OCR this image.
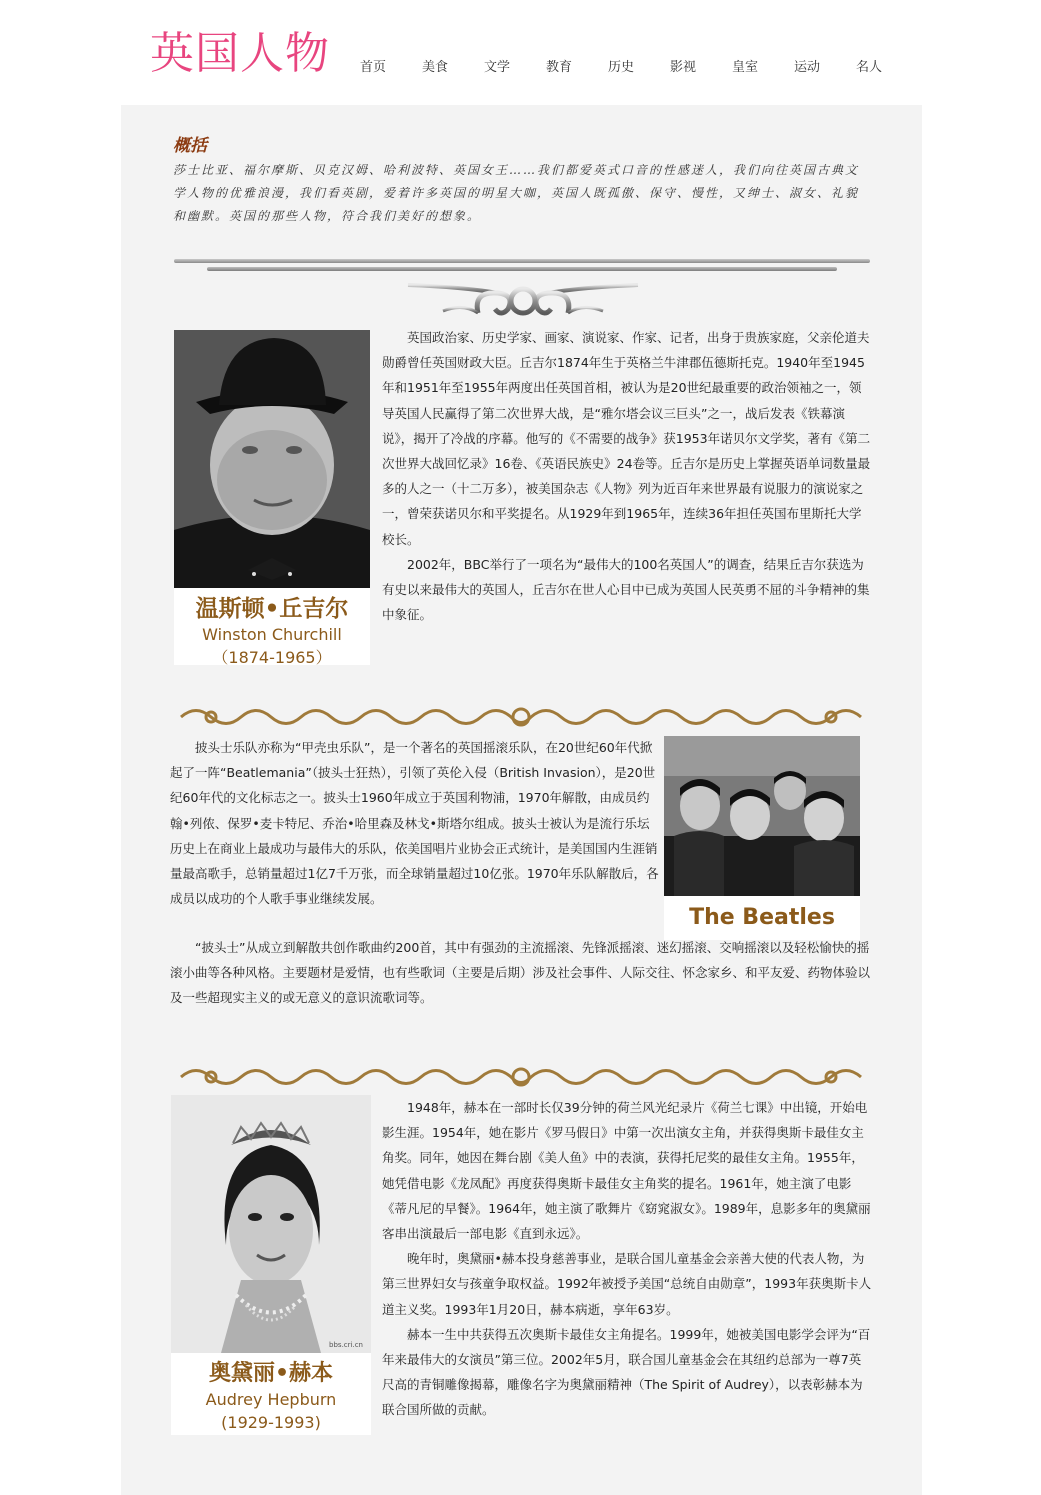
英国人物 首页	美食	文学	教育	历史	影视	皇室	运动	名人
概括
莎士比亚、福尔摩斯、贝克汉姆、哈利波特、英国女王……我们都爱英式口音的性感迷人，我们向往英国古典文学人物的优雅浪漫，我们看英剧，爱着许多英国的明星大咖，英国人既孤傲、保守、慢性，又绅士、淑女、礼貌和幽默。英国的那些人物，符合我们美好的想象。
温斯顿•丘吉尔
Winston Churchill
（1874-1965）

英国政治家、历史学家、画家、演说家、作家、记者，出身于贵族家庭，父亲伦道夫勋爵曾任英国财政大臣。丘吉尔1874年生于英格兰牛津郡伍德斯托克。1940年至1945年和1951年至1955年两度出任英国首相，被认为是20世纪最重要的政治领袖之一，领导英国人民赢得了第二次世界大战，是“雅尔塔会议三巨头”之一，战后发表《铁幕演说》，揭开了冷战的序幕。他写的《不需要的战争》获1953年诺贝尔文学奖，著有《第二次世界大战回忆录》16卷、《英语民族史》24卷等。丘吉尔是历史上掌握英语单词数量最多的人之一（十二万多），被美国杂志《人物》列为近百年来世界最有说服力的演说家之一，曾荣获诺贝尔和平奖提名。从1929年到1965年，连续36年担任英国布里斯托大学校长。

2002年，BBC举行了一项名为“最伟大的100名英国人”的调查，结果丘吉尔获选为有史以来最伟大的英国人，丘吉尔在世人心目中已成为英国人民英勇不屈的斗争精神的集中象征。

披头士乐队亦称为“甲壳虫乐队”，是一个著名的英国摇滚乐队，在20世纪60年代掀起了一阵“Beatlemania”（披头士狂热），引领了英伦入侵（British Invasion），是20世纪60年代的文化标志之一。披头士1960年成立于英国利物浦，1970年解散，由成员约翰•列侬、保罗•麦卡特尼、乔治•哈里森及林戈•斯塔尔组成。披头士被认为是流行乐坛历史上在商业上最成功与最伟大的乐队，依美国唱片业协会正式统计，是美国国内生涯销量最高歌手，总销量超过1亿7千万张，而全球销量超过10亿张。1970年乐队解散后，各成员以成功的个人歌手事业继续发展。

“披头士”从成立到解散共创作歌曲约200首，其中有强劲的主流摇滚、先锋派摇滚、迷幻摇滚、交响摇滚以及轻松愉快的摇滚小曲等各种风格。主要题材是爱情，也有些歌词（主要是后期）涉及社会事件、人际交往、怀念家乡、和平友爱、药物体验以及一些超现实主义的或无意义的意识流歌词等。

The Beatles
bbs.cri.cn
奥黛丽•赫本
Audrey Hepburn
(1929-1993)

1948年，赫本在一部时长仅39分钟的荷兰风光纪录片《荷兰七课》中出镜，开始电影生涯。1954年，她在影片《罗马假日》中第一次出演女主角，并获得奥斯卡最佳女主角奖。同年，她因在舞台剧《美人鱼》中的表演，获得托尼奖的最佳女主角。1955年，她凭借电影《龙凤配》再度获得奥斯卡最佳女主角奖的提名。1961年，她主演了电影《蒂凡尼的早餐》。1964年，她主演了歌舞片《窈窕淑女》。1989年，息影多年的奥黛丽客串出演最后一部电影《直到永远》。

晚年时，奥黛丽•赫本投身慈善事业，是联合国儿童基金会亲善大使的代表人物，为第三世界妇女与孩童争取权益。1992年被授予美国“总统自由勋章”，1993年获奥斯卡人道主义奖。1993年1月20日，赫本病逝，享年63岁。

赫本一生中共获得五次奥斯卡最佳女主角提名。1999年，她被美国电影学会评为“百年来最伟大的女演员”第三位。2002年5月，联合国儿童基金会在其纽约总部为一尊7英尺高的青铜雕像揭幕，雕像名字为奥黛丽精神（The Spirit of Audrey），以表彰赫本为联合国所做的贡献。
